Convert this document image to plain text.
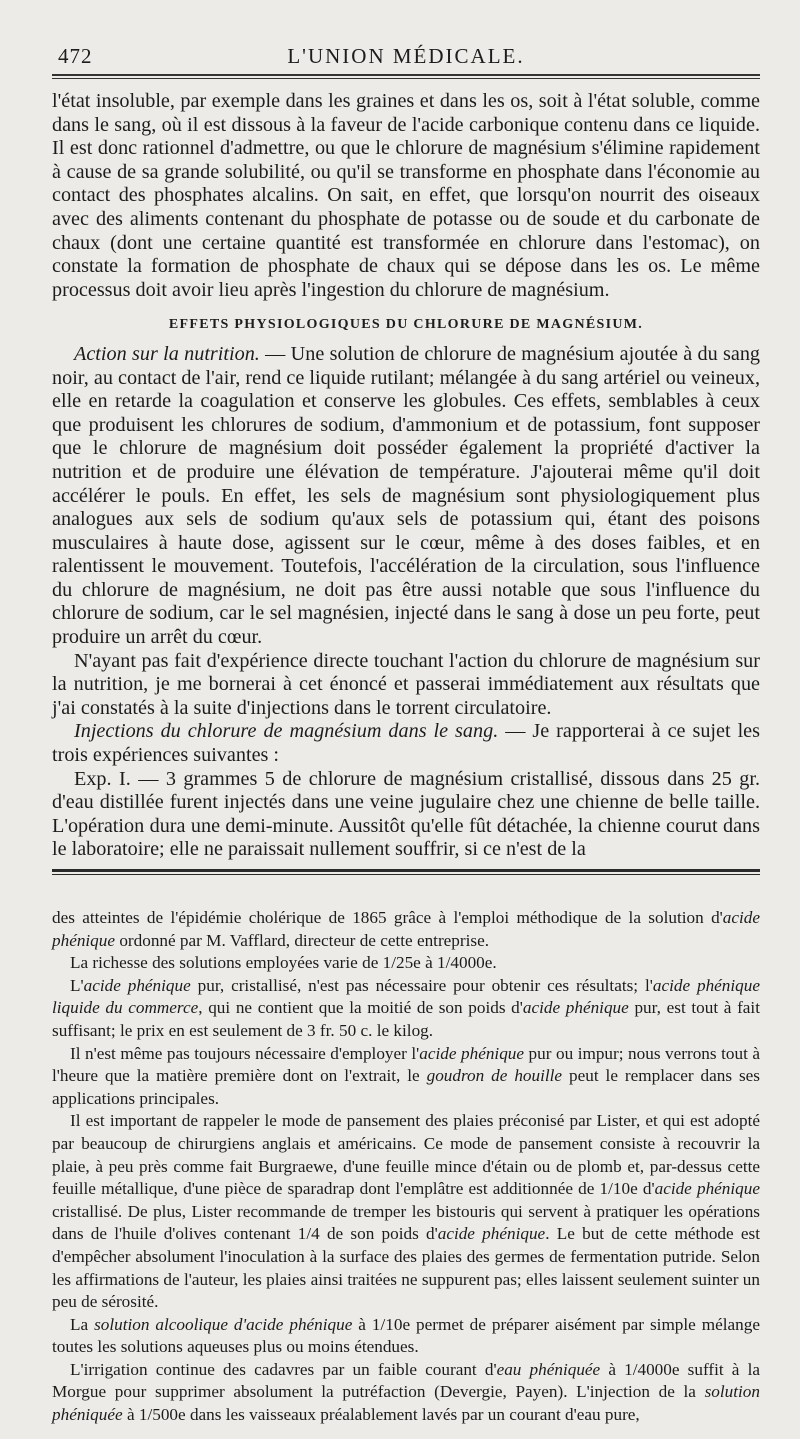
472	L'UNION MÉDICALE.

l'état insoluble, par exemple dans les graines et dans les os, soit à l'état soluble, comme dans le sang, où il est dissous à la faveur de l'acide carbonique contenu dans ce liquide. Il est donc rationnel d'admettre, ou que le chlorure de magnésium s'élimine rapidement à cause de sa grande solubilité, ou qu'il se transforme en phosphate dans l'économie au contact des phosphates alcalins. On sait, en effet, que lorsqu'on nourrit des oiseaux avec des aliments contenant du phosphate de potasse ou de soude et du carbonate de chaux (dont une certaine quantité est transformée en chlorure dans l'estomac), on constate la formation de phosphate de chaux qui se dépose dans les os. Le même processus doit avoir lieu après l'ingestion du chlorure de magnésium.

EFFETS PHYSIOLOGIQUES DU CHLORURE DE MAGNÉSIUM.

Action sur la nutrition. — Une solution de chlorure de magnésium ajoutée à du sang noir, au contact de l'air, rend ce liquide rutilant; mélangée à du sang artériel ou veineux, elle en retarde la coagulation et conserve les globules. Ces effets, semblables à ceux que produisent les chlorures de sodium, d'ammonium et de potassium, font supposer que le chlorure de magnésium doit posséder également la propriété d'activer la nutrition et de produire une élévation de température. J'ajouterai même qu'il doit accélérer le pouls. En effet, les sels de magnésium sont physiologiquement plus analogues aux sels de sodium qu'aux sels de potassium qui, étant des poisons musculaires à haute dose, agissent sur le cœur, même à des doses faibles, et en ralentissent le mouvement. Toutefois, l'accélération de la circulation, sous l'influence du chlorure de magnésium, ne doit pas être aussi notable que sous l'influence du chlorure de sodium, car le sel magnésien, injecté dans le sang à dose un peu forte, peut produire un arrêt du cœur.

N'ayant pas fait d'expérience directe touchant l'action du chlorure de magnésium sur la nutrition, je me bornerai à cet énoncé et passerai immédiatement aux résultats que j'ai constatés à la suite d'injections dans le torrent circulatoire.

Injections du chlorure de magnésium dans le sang. — Je rapporterai à ce sujet les trois expériences suivantes :

Exp. I. — 3 grammes 5 de chlorure de magnésium cristallisé, dissous dans 25 gr. d'eau distillée furent injectés dans une veine jugulaire chez une chienne de belle taille. L'opération dura une demi-minute. Aussitôt qu'elle fût détachée, la chienne courut dans le laboratoire; elle ne paraissait nullement souffrir, si ce n'est de la

des atteintes de l'épidémie cholérique de 1865 grâce à l'emploi méthodique de la solution d'acide phénique ordonné par M. Vafflard, directeur de cette entreprise.

La richesse des solutions employées varie de 1/25e à 1/4000e.

L'acide phénique pur, cristallisé, n'est pas nécessaire pour obtenir ces résultats; l'acide phénique liquide du commerce, qui ne contient que la moitié de son poids d'acide phénique pur, est tout à fait suffisant; le prix en est seulement de 3 fr. 50 c. le kilog.

Il n'est même pas toujours nécessaire d'employer l'acide phénique pur ou impur; nous verrons tout à l'heure que la matière première dont on l'extrait, le goudron de houille peut le remplacer dans ses applications principales.

Il est important de rappeler le mode de pansement des plaies préconisé par Lister, et qui est adopté par beaucoup de chirurgiens anglais et américains. Ce mode de pansement consiste à recouvrir la plaie, à peu près comme fait Burgraewe, d'une feuille mince d'étain ou de plomb et, par-dessus cette feuille métallique, d'une pièce de sparadrap dont l'emplâtre est additionnée de 1/10e d'acide phénique cristallisé. De plus, Lister recommande de tremper les bistouris qui servent à pratiquer les opérations dans de l'huile d'olives contenant 1/4 de son poids d'acide phénique. Le but de cette méthode est d'empêcher absolument l'inoculation à la surface des plaies des germes de fermentation putride. Selon les affirmations de l'auteur, les plaies ainsi traitées ne suppurent pas; elles laissent seulement suinter un peu de sérosité.

La solution alcoolique d'acide phénique à 1/10e permet de préparer aisément par simple mélange toutes les solutions aqueuses plus ou moins étendues.

L'irrigation continue des cadavres par un faible courant d'eau phéniquée à 1/4000e suffit à la Morgue pour supprimer absolument la putréfaction (Devergie, Payen). L'injection de la solution phéniquée à 1/500e dans les vaisseaux préalablement lavés par un courant d'eau pure,
